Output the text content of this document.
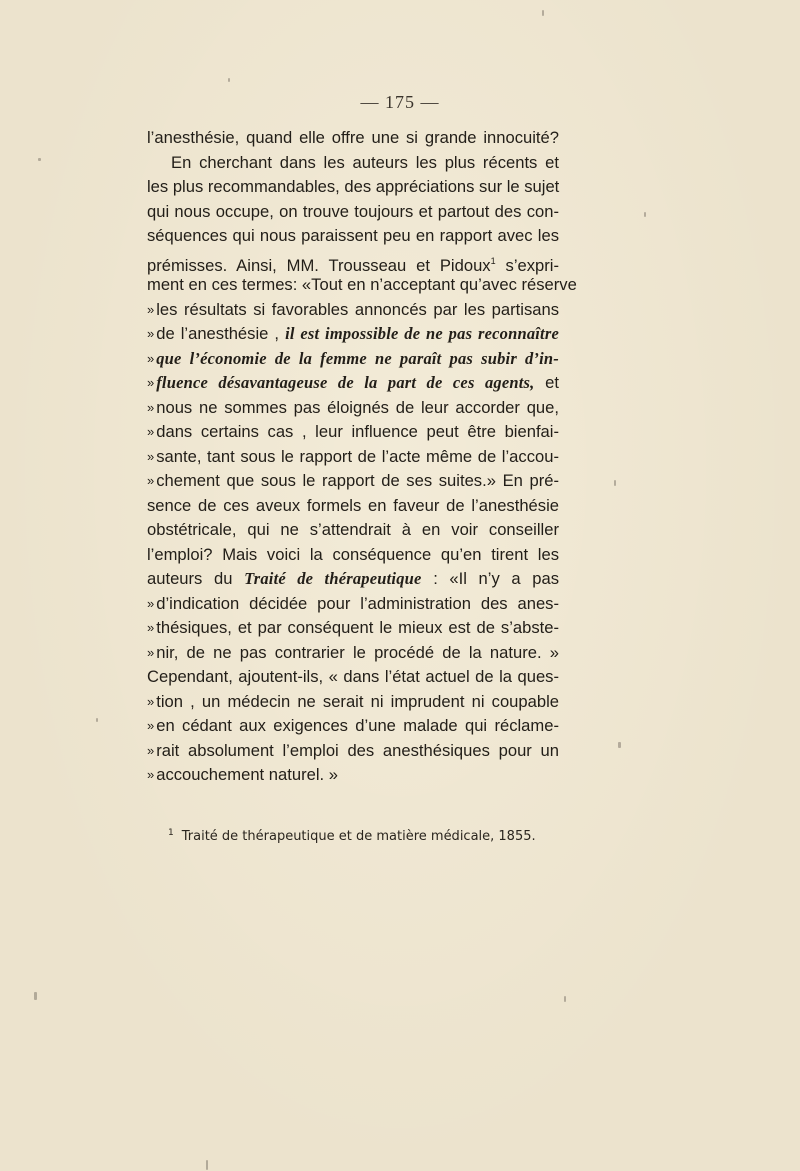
— 175 —
l’anesthésie, quand elle offre une si grande innocuité?
En cherchant dans les auteurs les plus récents et
les plus recommandables, des appréciations sur le sujet
qui nous occupe, on trouve toujours et partout des con-
séquences qui nous paraissent peu en rapport avec les
prémisses. Ainsi, MM. Trousseau et Pidoux$^1$ s’expri-
ment en ces termes: «Tout en n’acceptant qu’avec réserve
» les résultats si favorables annoncés par les partisans
» de l’anesthésie , il est impossible de ne pas reconnaître
» que l’économie de la femme ne paraît pas subir d’in-
» fluence désavantageuse de la part de ces agents, et
» nous ne sommes pas éloignés de leur accorder que,
» dans certains cas , leur influence peut être bienfai-
» sante, tant sous le rapport de l’acte même de l’accou-
» chement que sous le rapport de ses suites.» En pré-
sence de ces aveux formels en faveur de l’anesthésie
obstétricale, qui ne s’attendrait à en voir conseiller
l’emploi? Mais voici la conséquence qu’en tirent les
auteurs du Traité de thérapeutique : «Il n’y a pas
» d’indication décidée pour l’administration des anes-
» thésiques, et par conséquent le mieux est de s’abste-
» nir, de ne pas contrarier le procédé de la nature. »
Cependant, ajoutent-ils, « dans l’état actuel de la ques-
» tion , un médecin ne serait ni imprudent ni coupable
» en cédant aux exigences d’une malade qui réclame-
» rait absolument l’emploi des anesthésiques pour un
» accouchement naturel. »
$^1$ Traité de thérapeutique et de matière médicale, 1855.
